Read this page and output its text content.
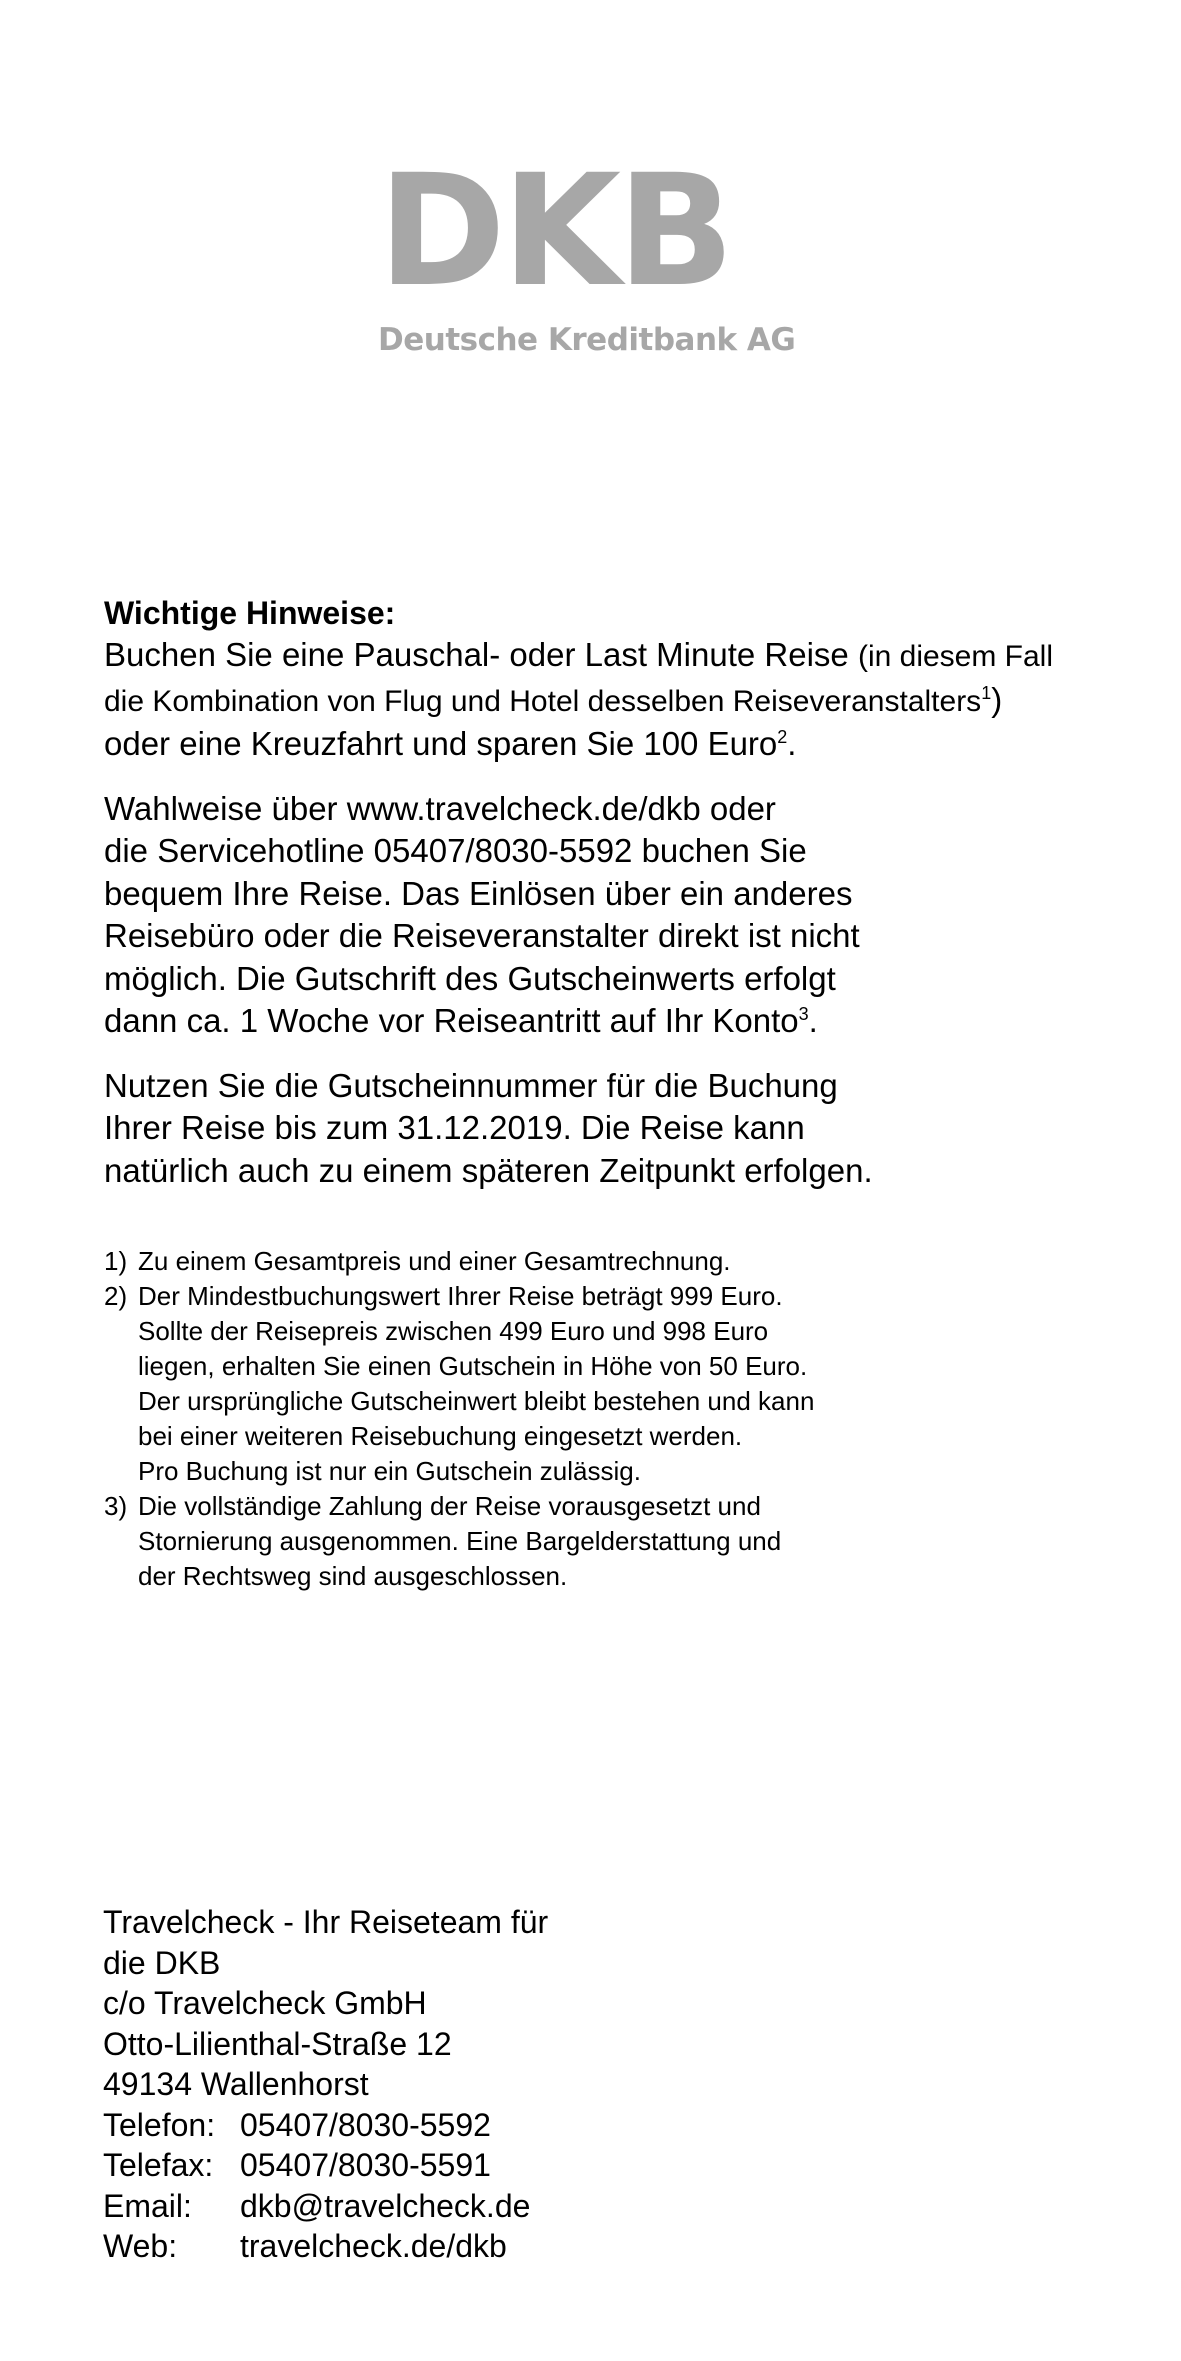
DKB
Deutsche Kreditbank AG
Wichtige Hinweise:
Buchen Sie eine Pauschal- oder Last Minute Reise (in diesem Fall
die Kombination von Flug und Hotel desselben Reiseveranstalters$^1$)
oder eine Kreuzfahrt und sparen Sie 100 Euro$^2$.
Wahlweise über www.travelcheck.de/dkb oder
die Servicehotline 05407/8030-5592 buchen Sie
bequem Ihre Reise. Das Einlösen über ein anderes
Reisebüro oder die Reiseveranstalter direkt ist nicht
möglich. Die Gutschrift des Gutscheinwerts erfolgt
dann ca. 1 Woche vor Reiseantritt auf Ihr Konto$^3$.
Nutzen Sie die Gutscheinnummer für die Buchung
Ihrer Reise bis zum 31.12.2019. Die Reise kann
natürlich auch zu einem späteren Zeitpunkt erfolgen.
1) Zu einem Gesamtpreis und einer Gesamtrechnung.
2) Der Mindestbuchungswert Ihrer Reise beträgt 999 Euro.
Sollte der Reisepreis zwischen 499 Euro und 998 Euro
liegen, erhalten Sie einen Gutschein in Höhe von 50 Euro.
Der ursprüngliche Gutscheinwert bleibt bestehen und kann
bei einer weiteren Reisebuchung eingesetzt werden.
Pro Buchung ist nur ein Gutschein zulässig.
3) Die vollständige Zahlung der Reise vorausgesetzt und
Stornierung ausgenommen. Eine Bargelderstattung und
der Rechtsweg sind ausgeschlossen.
Travelcheck - Ihr Reiseteam für
die DKB
c/o Travelcheck GmbH
Otto-Lilienthal-Straße 12
49134 Wallenhorst
Telefon: 05407/8030-5592
Telefax: 05407/8030-5591
Email: dkb@travelcheck.de
Web: travelcheck.de/dkb
